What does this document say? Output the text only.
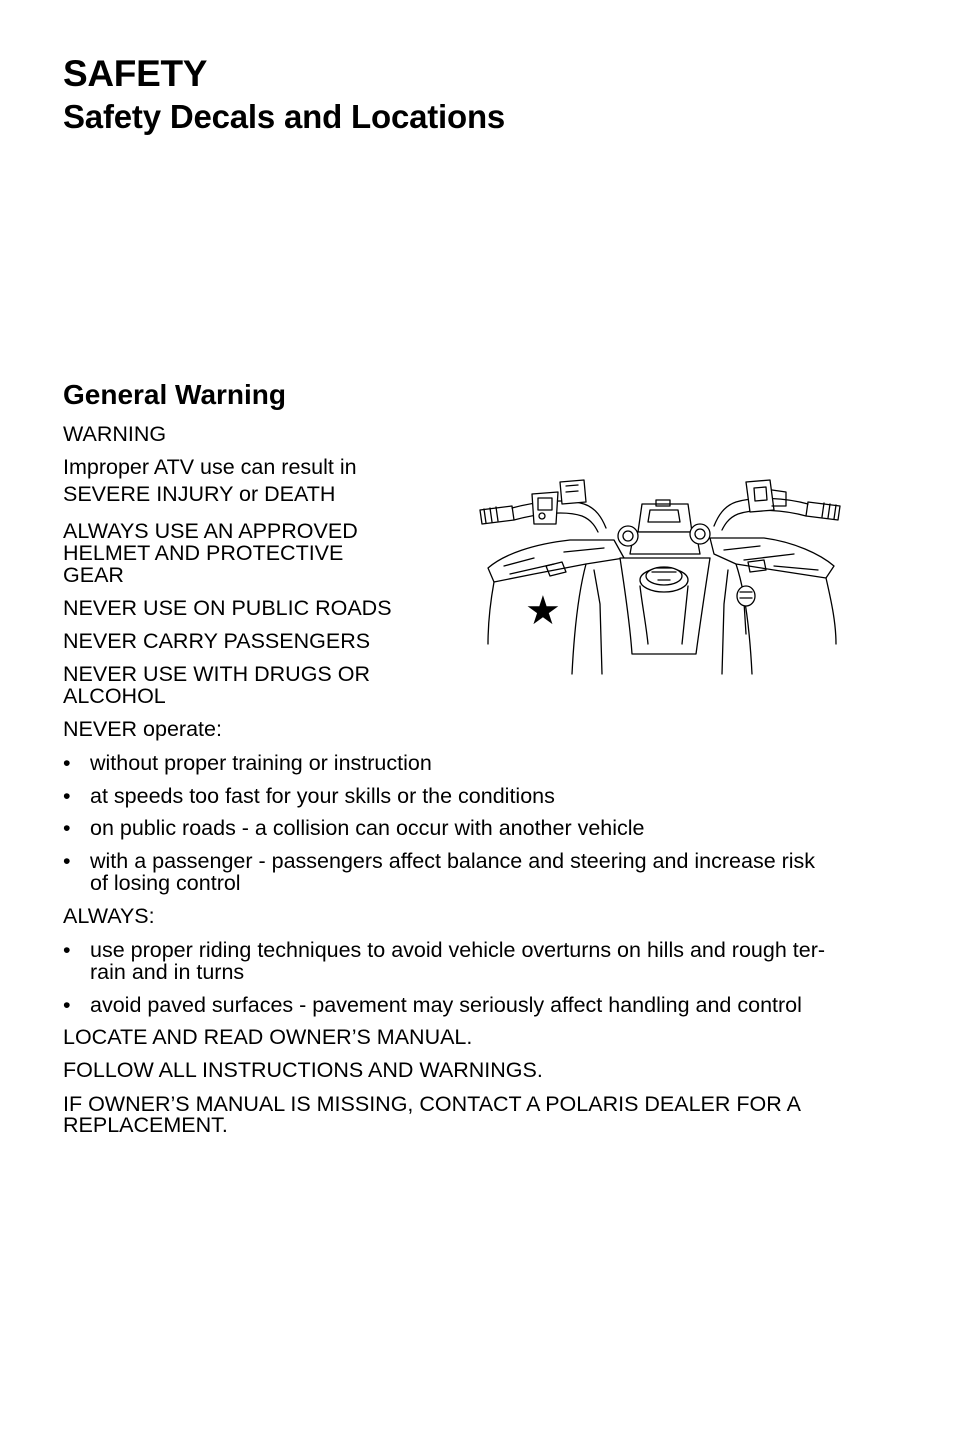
SAFETY
Safety Decals and Locations
General Warning

WARNING

Improper ATV use can result in

SEVERE INJURY or DEATH

ALWAYS USE AN APPROVED

HELMET AND PROTECTIVE

GEAR

NEVER USE ON PUBLIC ROADS

NEVER CARRY PASSENGERS

NEVER USE WITH DRUGS OR

ALCOHOL

NEVER operate:

• without proper training or instruction
• at speeds too fast for your skills or the conditions
• on public roads - a collision can occur with another vehicle
• with a passenger - passengers affect balance and steering and increase risk
of losing control

ALWAYS:

• use proper riding techniques to avoid vehicle overturns on hills and rough ter-
rain and in turns
• avoid paved surfaces - pavement may seriously affect handling and control

LOCATE AND READ OWNER’S MANUAL.

FOLLOW ALL INSTRUCTIONS AND WARNINGS.

IF OWNER’S MANUAL IS MISSING, CONTACT A POLARIS DEALER FOR A

REPLACEMENT.

★
